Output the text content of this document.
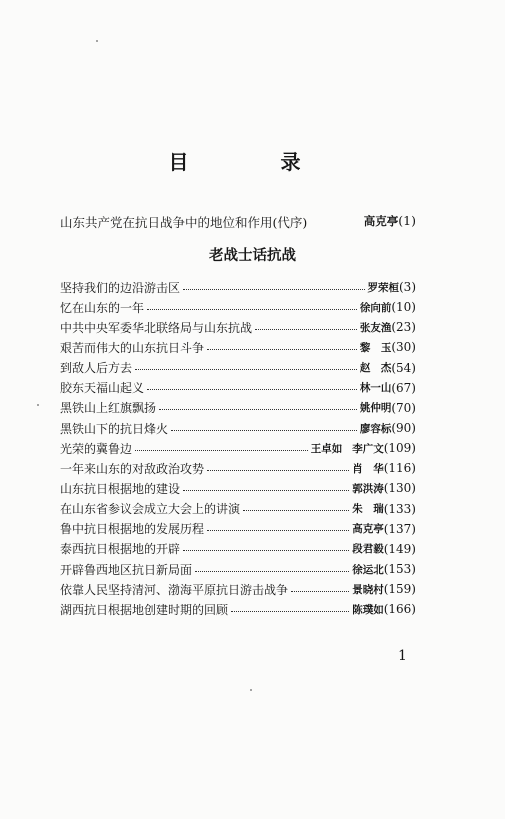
目　录
山东共产党在抗日战争中的地位和作用(代序)	高克亭(1)
老战士话抗战
坚持我们的边沿游击区	罗荣桓 (3)
忆在山东的一年	徐向前 (10)
中共中央军委华北联络局与山东抗战	张友渔 (23)
艰苦而伟大的山东抗日斗争	黎　玉 (30)
到敌人后方去	赵　杰 (54)
胶东天福山起义	林一山 (67)
黑铁山上红旗飘扬	姚仲明 (70)
黑铁山下的抗日烽火	廖容标 (90)
光荣的冀鲁边	王卓如 李广文 (109)
一年来山东的对敌政治攻势	肖　华 (116)
山东抗日根据地的建设	郭洪涛 (130)
在山东省参议会成立大会上的讲演	朱　瑞 (133)
鲁中抗日根据地的发展历程	高克亭 (137)
泰西抗日根据地的开辟	段君毅 (149)
开辟鲁西地区抗日新局面	徐运北 (153)
依靠人民坚持清河、渤海平原抗日游击战争	景晓村 (159)
湖西抗日根据地创建时期的回顾	陈璞如 (166)
1
